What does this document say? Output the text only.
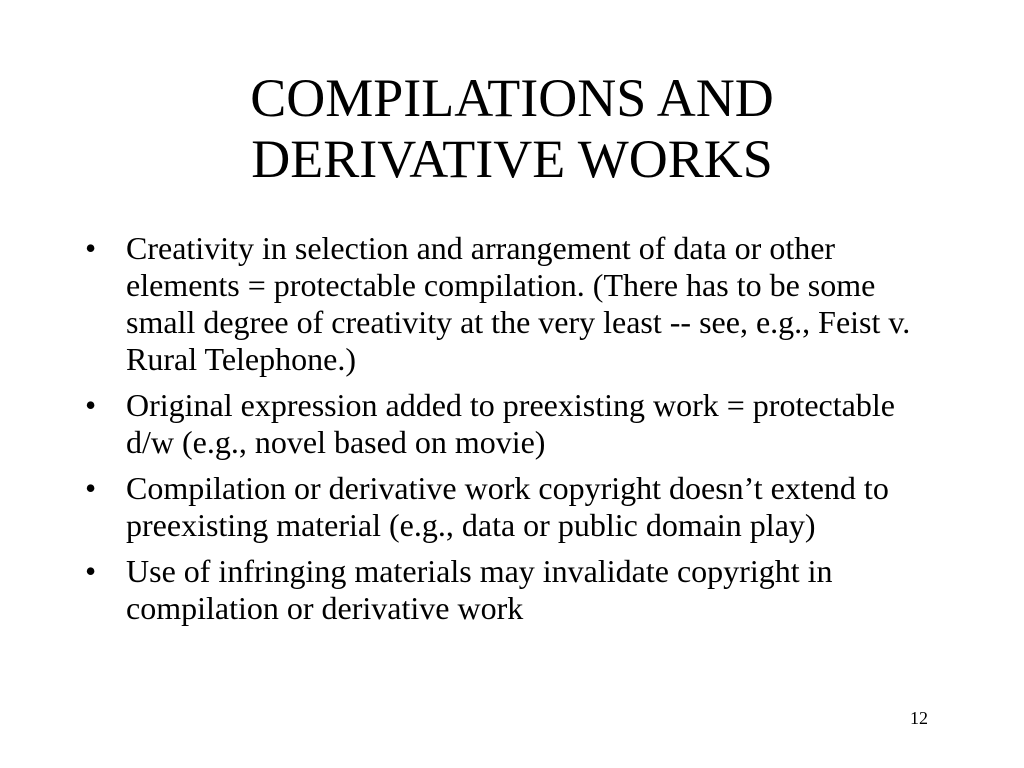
COMPILATIONS AND
DERIVATIVE WORKS
• Creativity in selection and arrangement of data or other elements = protectable compilation. (There has to be some small degree of creativity at the very least -- see, e.g., Feist v. Rural Telephone.)
• Original expression added to preexisting work = protectable d/w (e.g., novel based on movie)
• Compilation or derivative work copyright doesn’t extend to preexisting material (e.g., data or public domain play)
• Use of infringing materials may invalidate copyright in compilation or derivative work
12
